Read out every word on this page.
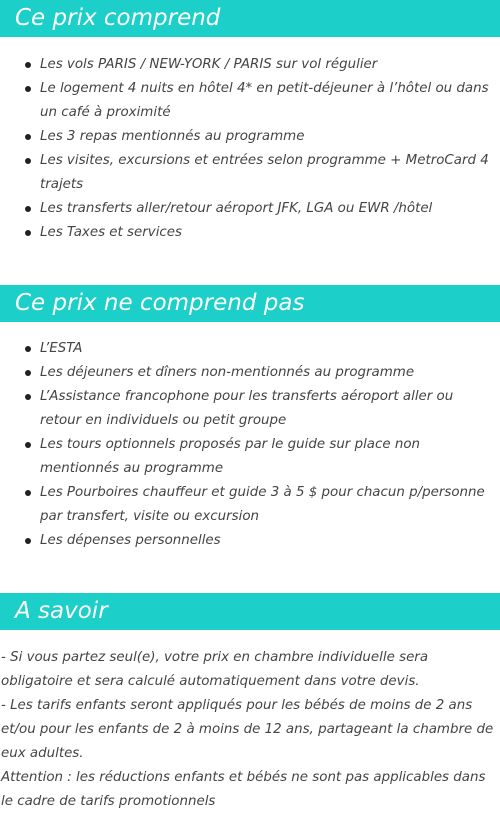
Ce prix comprend
Les vols PARIS / NEW-YORK / PARIS sur vol régulier
Le logement 4 nuits en hôtel 4* en petit-déjeuner à l’hôtel ou dans un café à proximité
Les 3 repas mentionnés au programme
Les visites, excursions et entrées selon programme + MetroCard 4 trajets
Les transferts aller/retour aéroport JFK, LGA ou EWR /hôtel
Les Taxes et services
Ce prix ne comprend pas
L’ESTA
Les déjeuners et dîners non-mentionnés au programme
L’Assistance francophone pour les transferts aéroport aller ou retour en individuels ou petit groupe
Les tours optionnels proposés par le guide sur place non mentionnés au programme
Les Pourboires chauffeur et guide 3 à 5 $ pour chacun p/personne par transfert, visite ou excursion
Les dépenses personnelles
A savoir

- Si vous partez seul(e), votre prix en chambre individuelle sera obligatoire et sera calculé automatiquement dans votre devis.

- Les tarifs enfants seront appliqués pour les bébés de moins de 2 ans et/ou pour les enfants de 2 à moins de 12 ans, partageant la chambre de eux adultes.

Attention : les réductions enfants et bébés ne sont pas applicables dans le cadre de tarifs promotionnels
